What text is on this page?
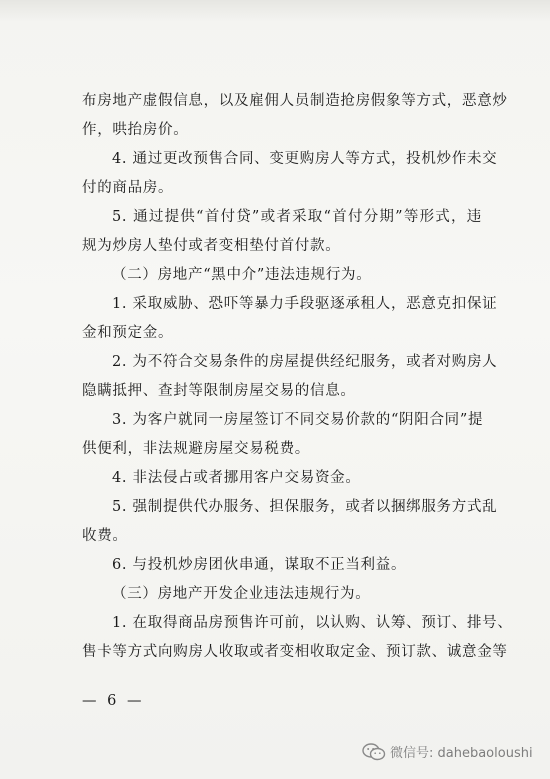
布房地产虚假信息，以及雇佣人员制造抢房假象等方式，恶意炒
作，哄抬房价。
4. 通过更改预售合同、变更购房人等方式，投机炒作未交
付的商品房。
5. 通过提供“首付贷”或者采取“首付分期”等形式，违
规为炒房人垫付或者变相垫付首付款。
（二）房地产“黑中介”违法违规行为。
1. 采取威胁、恐吓等暴力手段驱逐承租人，恶意克扣保证
金和预定金。
2. 为不符合交易条件的房屋提供经纪服务，或者对购房人
隐瞒抵押、查封等限制房屋交易的信息。
3. 为客户就同一房屋签订不同交易价款的“阴阳合同”提
供便利，非法规避房屋交易税费。
4. 非法侵占或者挪用客户交易资金。
5. 强制提供代办服务、担保服务，或者以捆绑服务方式乱
收费。
6. 与投机炒房团伙串通，谋取不正当利益。
（三）房地产开发企业违法违规行为。
1. 在取得商品房预售许可前，以认购、认筹、预订、排号、
售卡等方式向购房人收取或者变相收取定金、预订款、诚意金等
— 6 —
微信号: dahebaoloushi
